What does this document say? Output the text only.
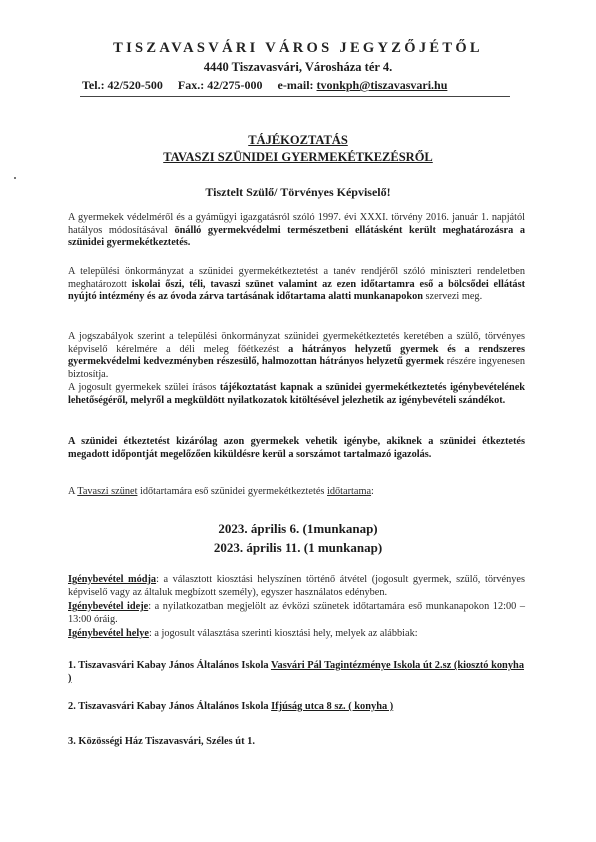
TISZAVASVÁRI VÁROS JEGYZŐJÉTŐL
4440 Tiszavasvári, Városháza tér 4.
Tel.: 42/520-500 Fax.: 42/275-000 e-mail: tvonkph@tiszavasvari.hu
TÁJÉKOZTATÁS
TAVASZI SZÜNIDEI GYERMEKÉTKEZÉSRŐL
Tisztelt Szülő/ Törvényes Képviselő!
A gyermekek védelméről és a gyámügyi igazgatásról szóló 1997. évi XXXI. törvény 2016. január 1. napjától hatályos módosításával önálló gyermekvédelmi természetbeni ellátásként került meghatározásra a szünidei gyermekétkeztetés.
A települési önkormányzat a szünidei gyermekétkeztetést a tanév rendjéről szóló miniszteri rendeletben meghatározott iskolai őszi, téli, tavaszi szünet valamint az ezen időtartamra eső a bölcsődei ellátást nyújtó intézmény és az óvoda zárva tartásának időtartama alatti munkanapokon szervezi meg.
A jogszabályok szerint a települési önkormányzat szünidei gyermekétkeztetés keretében a szülő, törvényes képviselő kérelmére a déli meleg főétkezést a hátrányos helyzetű gyermek és a rendszeres gyermekvédelmi kedvezményben részesülő, halmozottan hátrányos helyzetű gyermek részére ingyenesen biztosítja.
A jogosult gyermekek szülei írásos tájékoztatást kapnak a szünidei gyermekétkeztetés igénybevételének lehetőségéről, melyről a megküldött nyilatkozatok kitöltésével jelezhetik az igénybevételi szándékot.
A szünidei étkeztetést kizárólag azon gyermekek vehetik igénybe, akiknek a szünidei étkeztetés megadott időpontját megelőzően kiküldésre kerül a sorszámot tartalmazó igazolás.
A Tavaszi szünet időtartamára eső szünidei gyermekétkeztetés időtartama:
2023. április 6. (1munkanap)
2023. április 11. (1 munkanap)
Igénybevétel módja: a választott kiosztási helyszínen történő átvétel (jogosult gyermek, szülő, törvényes képviselő vagy az általuk megbízott személy), egyszer használatos edényben.
Igénybevétel ideje: a nyilatkozatban megjelölt az évközi szünetek időtartamára eső munkanapokon 12:00 – 13:00 óráig.
Igénybevétel helye: a jogosult választása szerinti kiosztási hely, melyek az alábbiak:
1. Tiszavasvári Kabay János Általános Iskola Vasvári Pál Tagintézménye Iskola út 2.sz (kiosztó konyha )
2. Tiszavasvári Kabay János Általános Iskola Ifjúság utca 8 sz. ( konyha )
3. Közösségi Ház Tiszavasvári, Széles út 1.
